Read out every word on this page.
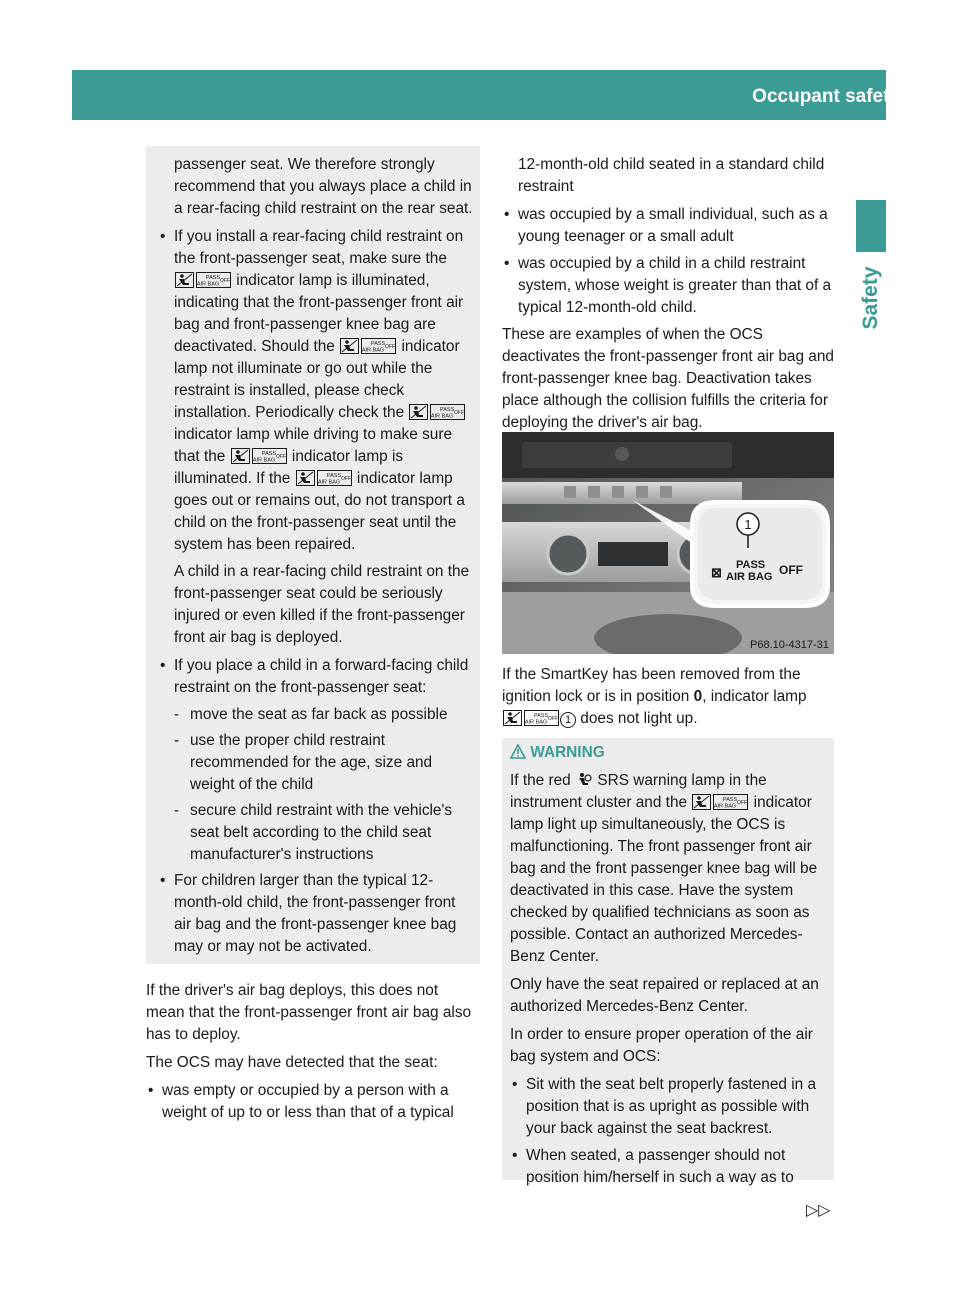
Occupant safety 45
Safety

passenger seat. We therefore strongly recommend that you always place a child in a rear-facing child restraint on the rear seat.

• If you install a rear-facing child restraint on the front-passenger seat, make sure the
PASS
AIR BAG
OFF indicator lamp is illuminated, indicating that the front-passenger front air bag and front-passenger knee bag are deactivated. Should the	PASS
AIR BAG
OFF indicator lamp not illuminate or go out while the restraint is installed, please check installation. Periodically check the	PASS
AIR BAG
OFF
indicator lamp while driving to make sure that the	PASS
AIR BAG
OFF indicator lamp is illuminated. If the	PASS
AIR BAG
OFF indicator lamp goes out or remains out, do not transport a child on the front-passenger seat until the system has been repaired.

A child in a rear-facing child restraint on the front-passenger seat could be seriously injured or even killed if the front-passenger front air bag is deployed.

• If you place a child in a forward-facing child restraint on the front-passenger seat:
- move the seat as far back as possible
- use the proper child restraint recommended for the age, size and weight of the child
- secure child restraint with the vehicle's seat belt according to the child seat manufacturer's instructions
• For children larger than the typical 12-month-old child, the front-passenger front air bag and the front-passenger knee bag may or may not be activated.

If the driver's air bag deploys, this does not mean that the front-passenger front air bag also has to deploy.

The OCS may have detected that the seat:

• was empty or occupied by a person with a weight of up to or less than that of a typical

12-month-old child seated in a standard child restraint

• was occupied by a small individual, such as a young teenager or a small adult
• was occupied by a child in a child restraint system, whose weight is greater than that of a typical 12-month-old child.

These are examples of when the OCS deactivates the front-passenger front air bag and front-passenger knee bag. Deactivation takes place although the collision fulfills the criteria for deploying the driver's air bag.

1
⊠ PASS
AIR BAG OFF
P68.10-4317-31

If the SmartKey has been removed from the ignition lock or is in position 0, indicator lamp
PASS
AIR BAG
OFF 1 does not light up.

WARNING

If the red SRS warning lamp in the instrument cluster and the	PASS
AIR BAG
OFF indicator lamp light up simultaneously, the OCS is malfunctioning. The front passenger front air bag and the front passenger knee bag will be deactivated in this case. Have the system checked by qualified technicians as soon as possible. Contact an authorized Mercedes-Benz Center.

Only have the seat repaired or replaced at an authorized Mercedes-Benz Center.

In order to ensure proper operation of the air bag system and OCS:

• Sit with the seat belt properly fastened in a position that is as upright as possible with your back against the seat backrest.
• When seated, a passenger should not position him/herself in such a way as to
▷▷
